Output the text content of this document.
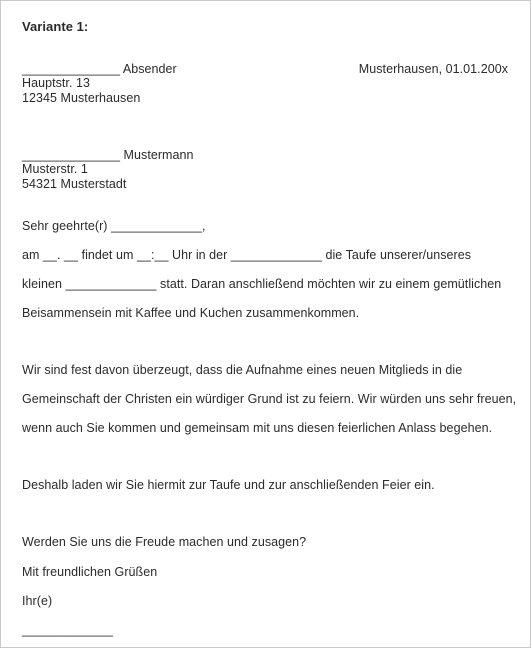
Variante 1:
______________ Absender	Musterhausen, 01.01.200x
Hauptstr. 13
12345 Musterhausen
______________ Mustermann
Musterstr. 1
54321 Musterstadt
Sehr geehrte(r) _____________,
am __. __ findet um __:__ Uhr in der _____________ die Taufe unserer/unseres
kleinen _____________ statt. Daran anschließend möchten wir zu einem gemütlichen
Beisammensein mit Kaffee und Kuchen zusammenkommen.
Wir sind fest davon überzeugt, dass die Aufnahme eines neuen Mitglieds in die
Gemeinschaft der Christen ein würdiger Grund ist zu feiern. Wir würden uns sehr freuen,
wenn auch Sie kommen und gemeinsam mit uns diesen feierlichen Anlass begehen.
Deshalb laden wir Sie hiermit zur Taufe und zur anschließenden Feier ein.
Werden Sie uns die Freude machen und zusagen?
Mit freundlichen Grüßen
Ihr(e)
_____________
